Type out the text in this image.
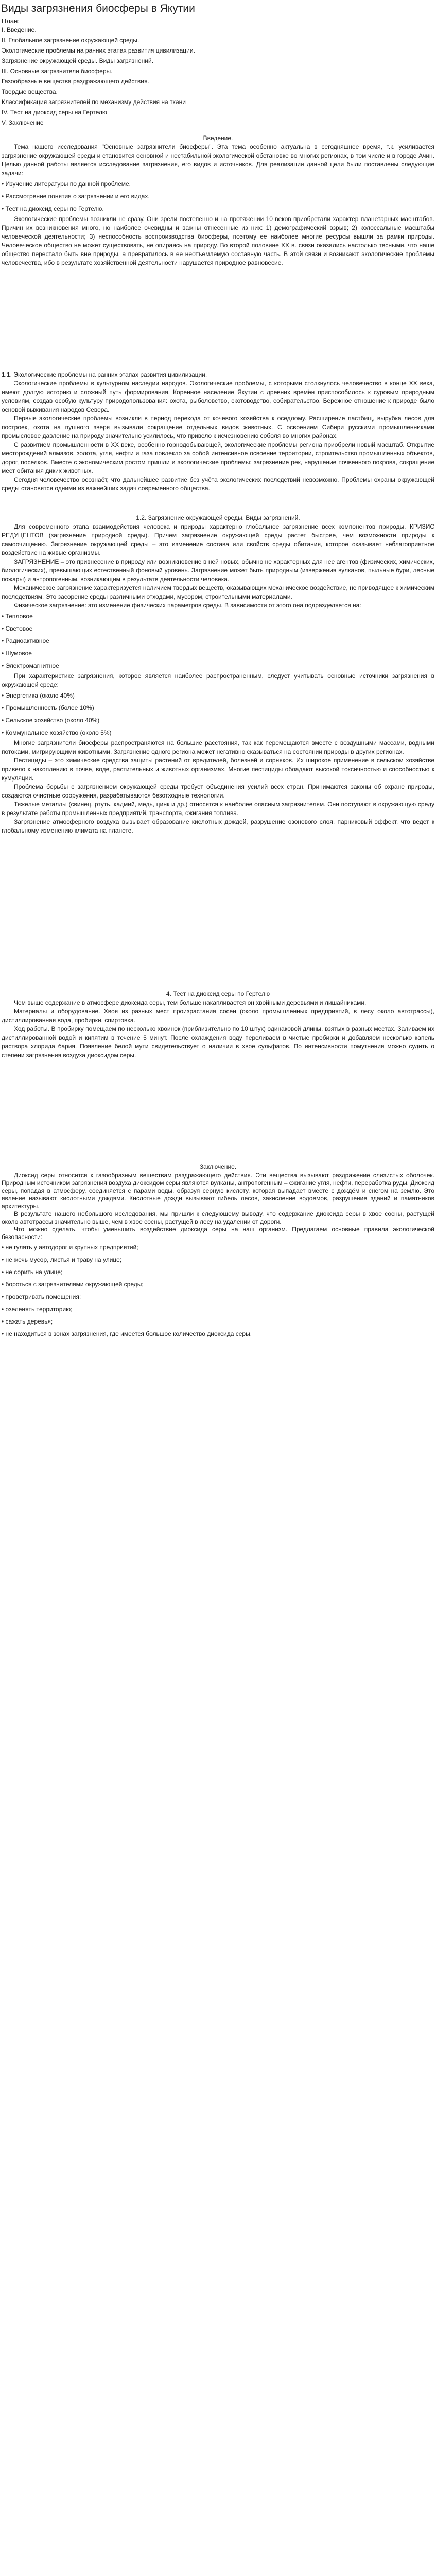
Виды загрязнения биосферы в Якутии
План:
I. Введение.
II. Глобальное загрязнение окружающей среды.
Экологические проблемы на ранних этапах развития цивилизации.
Загрязнение окружающей среды. Виды загрязнений.
III. Основные загрязнители биосферы.
Газообразные вещества раздражающего действия.
Твердые вещества.
Классификация загрязнителей по механизму действия на ткани
IV. Тест на диоксид серы на Гертелю
V. Заключение
Введение.

Тема нашего исследования "Основные загрязнители биосферы". Эта тема особенно актуальна в сегодняшнее время, т.к. усиливается загрязнение окружающей среды и становится основной и нестабильной экологической обстановке во многих регионах, в том числе и в городе Ачин. Целью данной работы является исследование загрязнения, его видов и источников. Для реализации данной цели были поставлены следующие задачи:

• Изучение литературы по данной проблеме.
• Рассмотрение понятия о загрязнении и его видах.
• Тест на диоксид серы по Гертелю.

Экологические проблемы возникли не сразу. Они зрели постепенно и на протяжении 10 веков приобретали характер планетарных масштабов. Причин их возникновения много, но наиболее очевидны и важны отнесенные из них: 1) демографический взрыв; 2) колоссальные масштабы человеческой деятельности; 3) неспособность воспроизводства биосферы, поэтому ее наиболее многие ресурсы вышли за рамки природы. Человеческое общество не может существовать, не опираясь на природу. Во второй половине ХХ в. связи оказались настолько тесными, что наше общество перестало быть вне природы, а превратилось в ее неотъемлемую составную часть. В этой связи и возникают экологические проблемы человечества, ибо в результате хозяйственной деятельности нарушается природное равновесие.

1.1. Экологические проблемы на ранних этапах развития цивилизации.

Экологические проблемы в культурном наследии народов. Экологические проблемы, с которыми столкнулось человечество в конце ХХ века, имеют долгую историю и сложный путь формирования. Коренное население Якутии с древних времён приспособилось к суровым природным условиям, создав особую культуру природопользования: охота, рыболовство, скотоводство, собирательство. Бережное отношение к природе было основой выживания народов Севера.

Первые экологические проблемы возникли в период перехода от кочевого хозяйства к оседлому. Расширение пастбищ, вырубка лесов для построек, охота на пушного зверя вызывали сокращение отдельных видов животных. С освоением Сибири русскими промышленниками промысловое давление на природу значительно усилилось, что привело к исчезновению соболя во многих районах.

С развитием промышленности в ХХ веке, особенно горнодобывающей, экологические проблемы региона приобрели новый масштаб. Открытие месторождений алмазов, золота, угля, нефти и газа повлекло за собой интенсивное освоение территории, строительство промышленных объектов, дорог, поселков. Вместе с экономическим ростом пришли и экологические проблемы: загрязнение рек, нарушение почвенного покрова, сокращение мест обитания диких животных.

Сегодня человечество осознаёт, что дальнейшее развитие без учёта экологических последствий невозможно. Проблемы охраны окружающей среды становятся одними из важнейших задач современного общества.

1.2. Загрязнение окружающей среды. Виды загрязнений.

Для современного этапа взаимодействия человека и природы характерно глобальное загрязнение всех компонентов природы. КРИЗИС РЕДУЦЕНТОВ (загрязнение природной среды). Причем загрязнение окружающей среды растет быстрее, чем возможности природы к самоочищению. Загрязнение окружающей среды – это изменение состава или свойств среды обитания, которое оказывает неблагоприятное воздействие на живые организмы.

ЗАГРЯЗНЕНИЕ – это привнесение в природу или возникновение в ней новых, обычно не характерных для нее агентов (физических, химических, биологических), превышающих естественный фоновый уровень. Загрязнение может быть природным (извержения вулканов, пыльные бури, лесные пожары) и антропогенным, возникающим в результате деятельности человека.

Механическое загрязнение характеризуется наличием твердых веществ, оказывающих механическое воздействие, не приводящее к химическим последствиям. Это засорение среды различными отходами, мусором, строительными материалами.

Физическое загрязнение: это изменение физических параметров среды. В зависимости от этого она подразделяется на:

• Тепловое
• Световое
• Радиоактивное
• Шумовое
• Электромагнитное

При характеристике загрязнения, которое является наиболее распространенным, следует учитывать основные источники загрязнения в окружающей среде:

• Энергетика (около 40%)
• Промышленность (более 10%)
• Сельское хозяйство (около 40%)
• Коммунальное хозяйство (около 5%)

Многие загрязнители биосферы распространяются на большие расстояния, так как перемещаются вместе с воздушными массами, водными потоками, мигрирующими животными. Загрязнение одного региона может негативно сказываться на состоянии природы в других регионах.

Пестициды – это химические средства защиты растений от вредителей, болезней и сорняков. Их широкое применение в сельском хозяйстве привело к накоплению в почве, воде, растительных и животных организмах. Многие пестициды обладают высокой токсичностью и способностью к кумуляции.

Проблема борьбы с загрязнением окружающей среды требует объединения усилий всех стран. Принимаются законы об охране природы, создаются очистные сооружения, разрабатываются безотходные технологии.

Тяжелые металлы (свинец, ртуть, кадмий, медь, цинк и др.) относятся к наиболее опасным загрязнителям. Они поступают в окружающую среду в результате работы промышленных предприятий, транспорта, сжигания топлива.

Загрязнение атмосферного воздуха вызывает образование кислотных дождей, разрушение озонового слоя, парниковый эффект, что ведет к глобальному изменению климата на планете.

4. Тест на диоксид серы по Гертелю

Чем выше содержание в атмосфере диоксида серы, тем больше накапливается он хвойными деревьями и лишайниками.

Материалы и оборудование. Хвоя из разных мест произрастания сосен (около промышленных предприятий, в лесу около автотрассы), дистиллированная вода, пробирки, спиртовка.

Ход работы. В пробирку помещаем по несколько хвоинок (приблизительно по 10 штук) одинаковой длины, взятых в разных местах. Заливаем их дистиллированной водой и кипятим в течение 5 минут. После охлаждения воду переливаем в чистые пробирки и добавляем несколько капель раствора хлорида бария. Появление белой мути свидетельствует о наличии в хвое сульфатов. По интенсивности помутнения можно судить о степени загрязнения воздуха диоксидом серы.

Заключение.

Диоксид серы относится к газообразным веществам раздражающего действия. Эти вещества вызывают раздражение слизистых оболочек. Природным источником загрязнения воздуха диоксидом серы являются вулканы, антропогенным – сжигание угля, нефти, переработка руды. Диоксид серы, попадая в атмосферу, соединяется с парами воды, образуя серную кислоту, которая выпадает вместе с дождём и снегом на землю. Это явление называют кислотными дождями. Кислотные дожди вызывают гибель лесов, закисление водоемов, разрушение зданий и памятников архитектуры.

В результате нашего небольшого исследования, мы пришли к следующему выводу, что содержание диоксида серы в хвое сосны, растущей около автотрассы значительно выше, чем в хвое сосны, растущей в лесу на удалении от дороги.

Что можно сделать, чтобы уменьшить воздействие диоксида серы на наш организм. Предлагаем основные правила экологической безопасности:

• не гулять у автодорог и крупных предприятий;
• не жечь мусор, листья и траву на улице;
• не сорить на улице;
• бороться с загрязнителями окружающей среды;
• проветривать помещения;
• озеленять территорию;
• сажать деревья;
• не находиться в зонах загрязнения, где имеется большое количество диоксида серы.
